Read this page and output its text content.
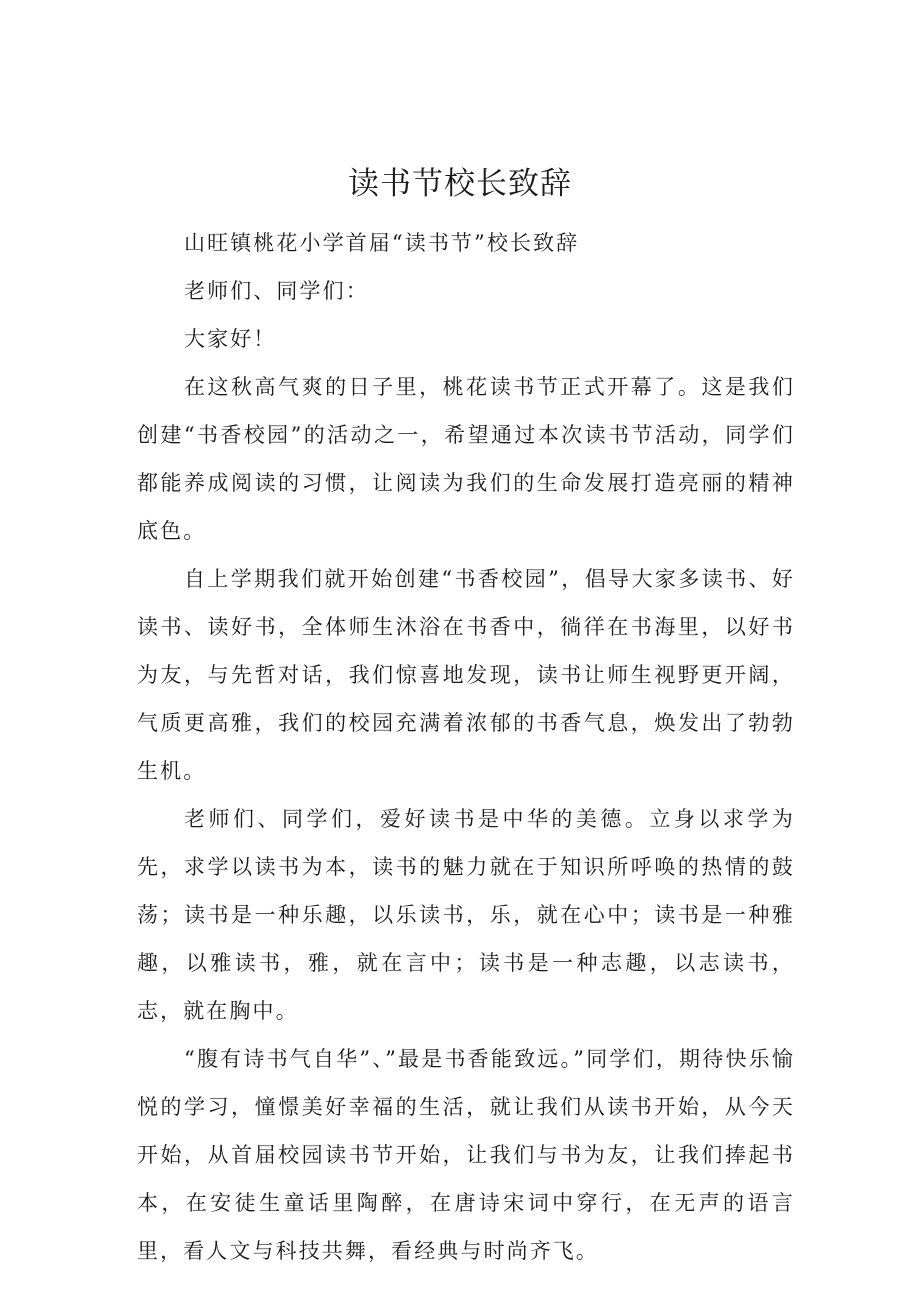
读书节校长致辞

山旺镇桃花小学首届“读书节”校长致辞

老师们、同学们：

大家好！

在这秋高气爽的日子里，桃花读书节正式开幕了。这是我们创建“书香校园”的活动之一，希望通过本次读书节活动，同学们都能养成阅读的习惯，让阅读为我们的生命发展打造亮丽的精神底色。

自上学期我们就开始创建“书香校园”，倡导大家多读书、好读书、读好书，全体师生沐浴在书香中，徜徉在书海里，以好书为友，与先哲对话，我们惊喜地发现，读书让师生视野更开阔，气质更高雅，我们的校园充满着浓郁的书香气息，焕发出了勃勃生机。

老师们、同学们，爱好读书是中华的美德。立身以求学为先，求学以读书为本，读书的魅力就在于知识所呼唤的热情的鼓荡；读书是一种乐趣，以乐读书，乐，就在心中；读书是一种雅趣，以雅读书，雅，就在言中；读书是一种志趣，以志读书，志，就在胸中。

“腹有诗书气自华”、”最是书香能致远。”同学们，期待快乐愉悦的学习，憧憬美好幸福的生活，就让我们从读书开始，从今天开始，从首届校园读书节开始，让我们与书为友，让我们捧起书本，在安徒生童话里陶醉，在唐诗宋词中穿行，在无声的语言里，看人文与科技共舞，看经典与时尚齐飞。
